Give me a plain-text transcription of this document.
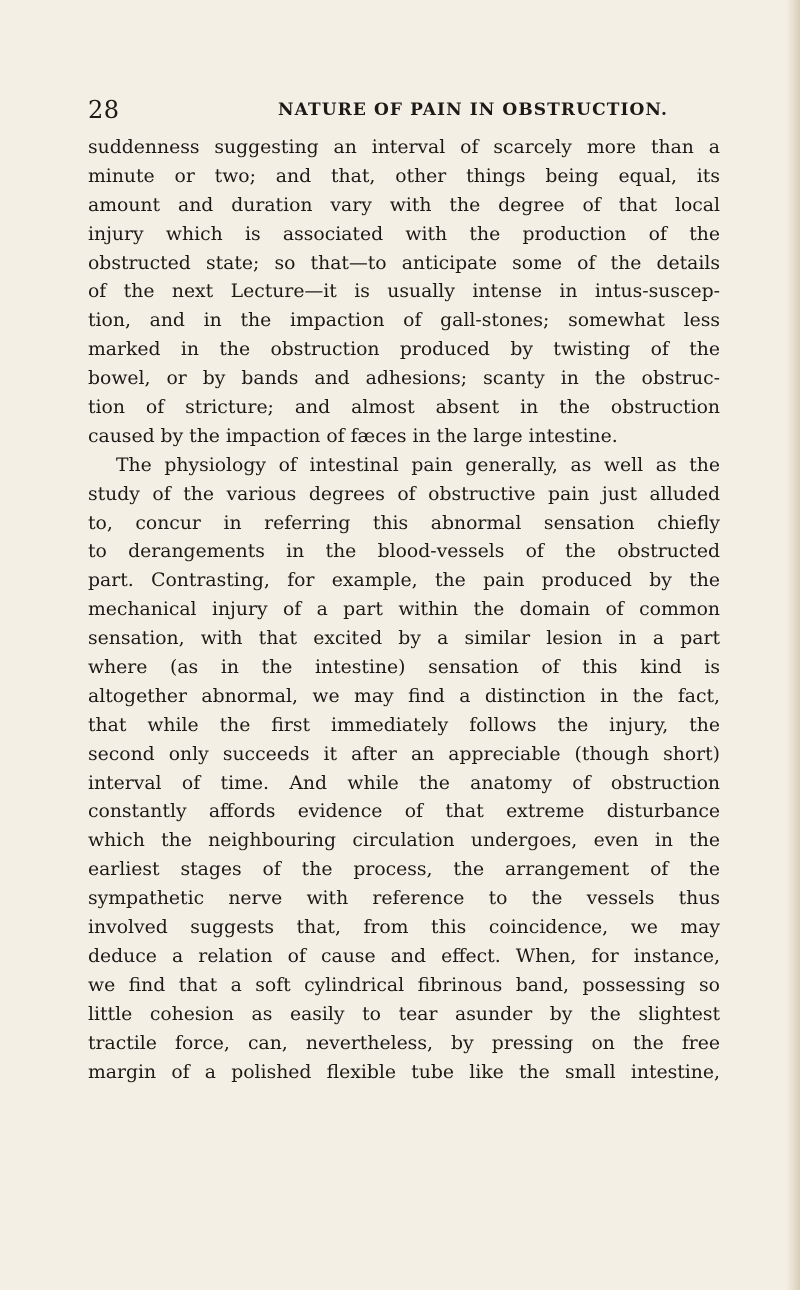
28	NATURE OF PAIN IN OBSTRUCTION.
suddenness suggesting an interval of scarcely more than a
minute or two; and that, other things being equal, its
amount and duration vary with the degree of that local
injury which is associated with the production of the
obstructed state; so that—to anticipate some of the details
of the next Lecture—it is usually intense in intus-suscep-
tion, and in the impaction of gall-stones; somewhat less
marked in the obstruction produced by twisting of the
bowel, or by bands and adhesions; scanty in the obstruc-
tion of stricture; and almost absent in the obstruction
caused by the impaction of fæces in the large intestine.
The physiology of intestinal pain generally, as well as the
study of the various degrees of obstructive pain just alluded
to, concur in referring this abnormal sensation chiefly
to derangements in the blood-vessels of the obstructed
part. Contrasting, for example, the pain produced by the
mechanical injury of a part within the domain of common
sensation, with that excited by a similar lesion in a part
where (as in the intestine) sensation of this kind is
altogether abnormal, we may find a distinction in the fact,
that while the first immediately follows the injury, the
second only succeeds it after an appreciable (though short)
interval of time. And while the anatomy of obstruction
constantly affords evidence of that extreme disturbance
which the neighbouring circulation undergoes, even in the
earliest stages of the process, the arrangement of the
sympathetic nerve with reference to the vessels thus
involved suggests that, from this coincidence, we may
deduce a relation of cause and effect. When, for instance,
we find that a soft cylindrical fibrinous band, possessing so
little cohesion as easily to tear asunder by the slightest
tractile force, can, nevertheless, by pressing on the free
margin of a polished flexible tube like the small intestine,
